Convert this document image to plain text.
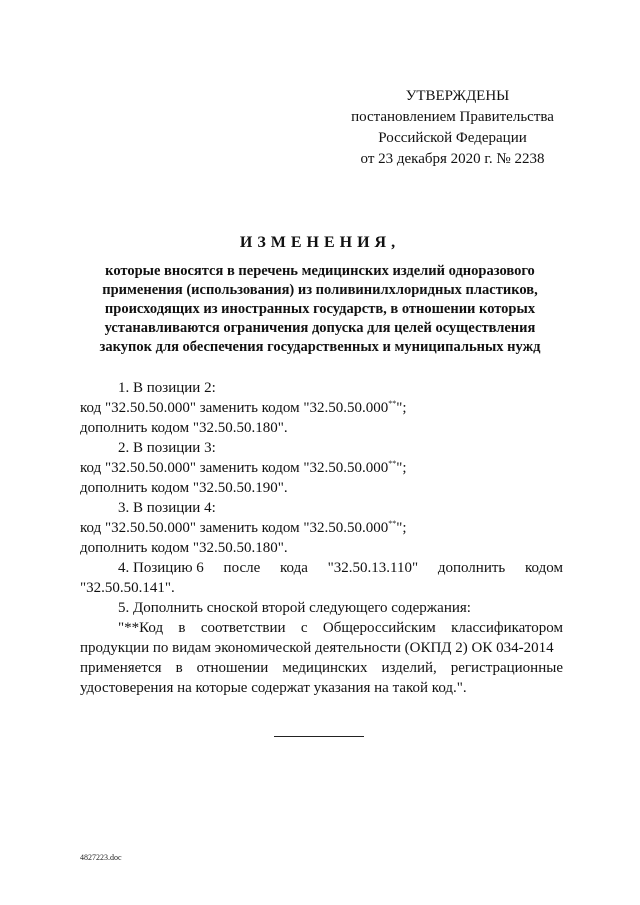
УТВЕРЖДЕНЫ
постановлением Правительства
Российской Федерации
от 23 декабря 2020 г. № 2238
ИЗМЕНЕНИЯ,
которые вносятся в перечень медицинских изделий одноразового
применения (использования) из поливинилхлоридных пластиков,
происходящих из иностранных государств, в отношении которых
устанавливаются ограничения допуска для целей осуществления
закупок для обеспечения государственных и муниципальных нужд
1. В позиции 2:
код "32.50.50.000" заменить кодом "32.50.50.000**";
дополнить кодом "32.50.50.180".
2. В позиции 3:
код "32.50.50.000" заменить кодом "32.50.50.000**";
дополнить кодом "32.50.50.190".
3. В позиции 4:
код "32.50.50.000" заменить кодом "32.50.50.000**";
дополнить кодом "32.50.50.180".
4. Позицию 6 после кода "32.50.13.110" дополнить кодом
"32.50.50.141".
5. Дополнить сноской второй следующего содержания:
"**Код в соответствии с Общероссийским классификатором
продукции по видам экономической деятельности (ОКПД 2) ОК 034-2014
применяется в отношении медицинских изделий, регистрационные
удостоверения на которые содержат указания на такой код.".
4827223.doc
